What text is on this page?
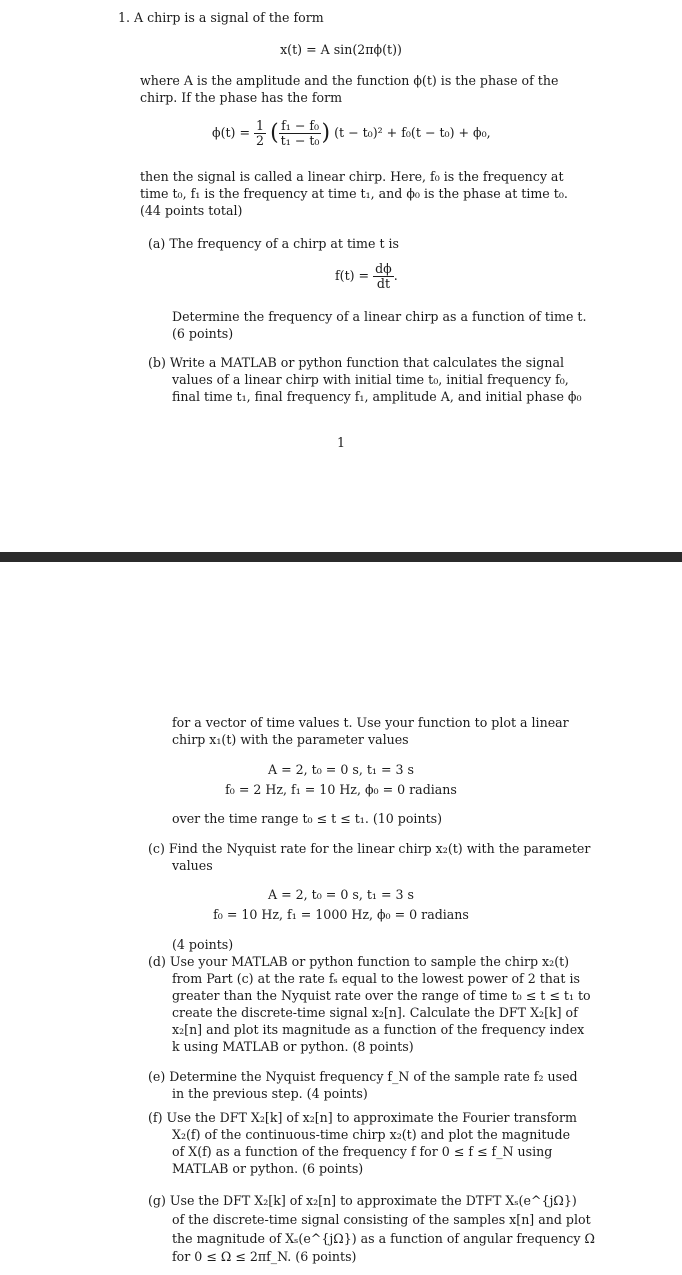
1. A chirp is a signal of the form
x(t) = A sin(2πϕ(t))
where A is the amplitude and the function ϕ(t) is the phase of the
chirp. If the phase has the form
$\phi(t) = \frac{1}{2}$ ( $\frac{\text{f₁ − f₀}}{\text{t₁ − t₀}}$ ) (t − t₀)² + f₀(t − t₀) + ϕ₀,
then the signal is called a linear chirp. Here, f₀ is the frequency at
time t₀, f₁ is the frequency at time t₁, and ϕ₀ is the phase at time t₀.
(44 points total)
(a) The frequency of a chirp at time t is
$f(t) = \frac{d\phi}{dt}$ .
Determine the frequency of a linear chirp as a function of time t.
(6 points)
(b) Write a MATLAB or python function that calculates the signal
values of a linear chirp with initial time t₀, initial frequency f₀,
final time t₁, final frequency f₁, amplitude A, and initial phase ϕ₀
1
for a vector of time values t. Use your function to plot a linear
chirp x₁(t) with the parameter values
A = 2, t₀ = 0 s, t₁ = 3 s
f₀ = 2 Hz, f₁ = 10 Hz, ϕ₀ = 0 radians
over the time range t₀ ≤ t ≤ t₁. (10 points)
(c) Find the Nyquist rate for the linear chirp x₂(t) with the parameter
values
A = 2, t₀ = 0 s, t₁ = 3 s
f₀ = 10 Hz, f₁ = 1000 Hz, ϕ₀ = 0 radians
(4 points)
(d) Use your MATLAB or python function to sample the chirp x₂(t)
from Part (c) at the rate fₛ equal to the lowest power of 2 that is
greater than the Nyquist rate over the range of time t₀ ≤ t ≤ t₁ to
create the discrete-time signal x₂[n]. Calculate the DFT X₂[k] of
x₂[n] and plot its magnitude as a function of the frequency index
k using MATLAB or python. (8 points)
(e) Determine the Nyquist frequency f_N of the sample rate f₂ used
in the previous step. (4 points)
(f) Use the DFT X₂[k] of x₂[n] to approximate the Fourier transform
X₂(f) of the continuous-time chirp x₂(t) and plot the magnitude
of X(f) as a function of the frequency f for 0 ≤ f ≤ f_N using
MATLAB or python. (6 points)
(g) Use the DFT X₂[k] of x₂[n] to approximate the DTFT Xₛ(e^{jΩ})
of the discrete-time signal consisting of the samples x[n] and plot
the magnitude of Xₛ(e^{jΩ}) as a function of angular frequency Ω
for 0 ≤ Ω ≤ 2πf_N. (6 points)
